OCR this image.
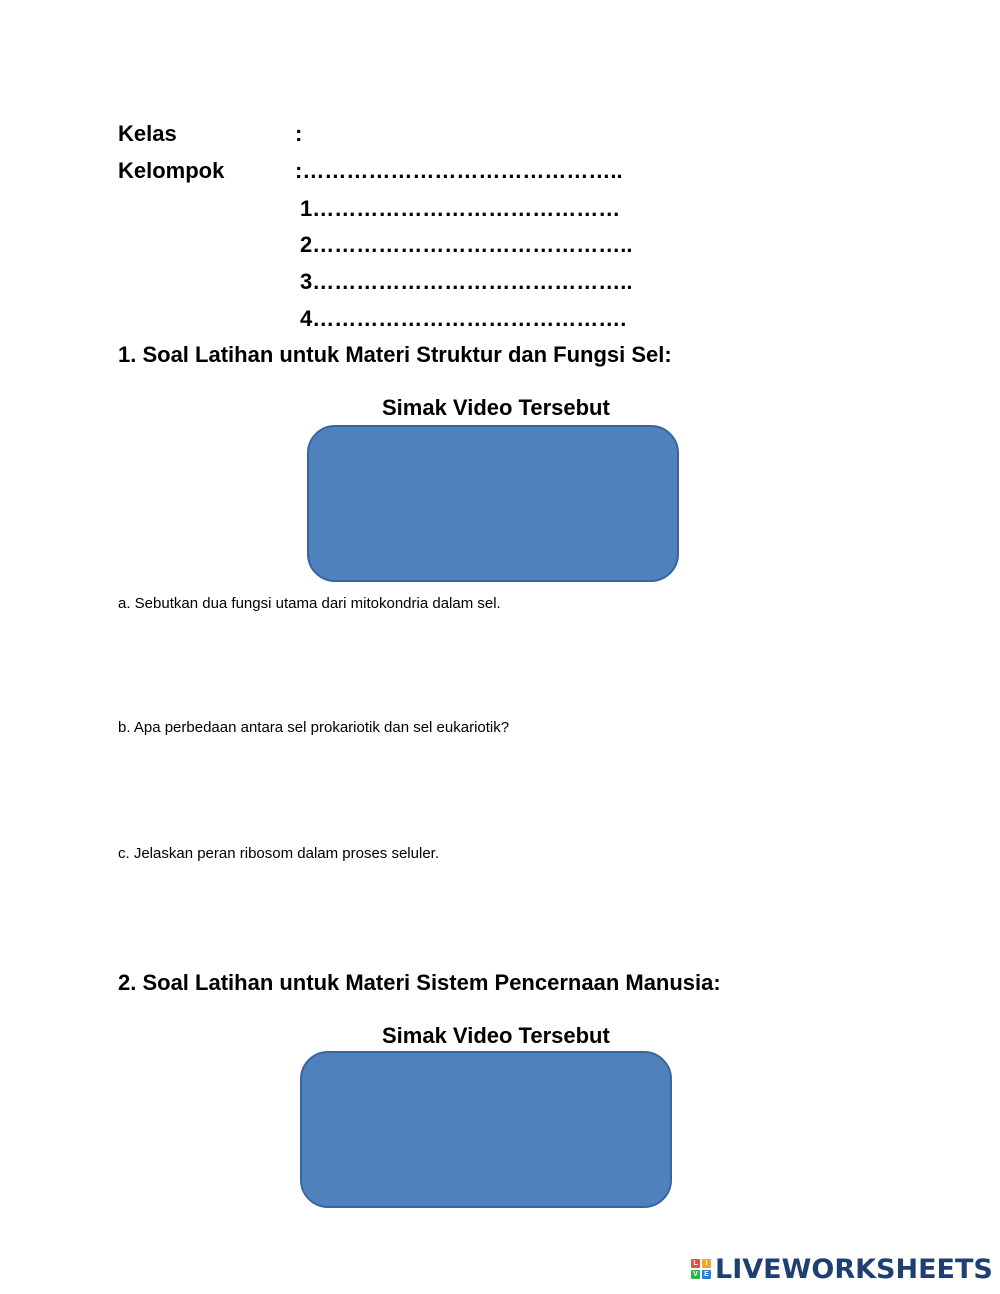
Kelas	:
Kelompok	:……………………………………..
1……………………………………
2……………………………………..
3……………………………………..
4…………………………………….
1. Soal Latihan untuk Materi Struktur dan Fungsi Sel:
Simak Video Tersebut
a. Sebutkan dua fungsi utama dari mitokondria dalam sel.
b. Apa perbedaan antara sel prokariotik dan sel eukariotik?
c. Jelaskan peran ribosom dalam proses seluler.
2. Soal Latihan untuk Materi Sistem Pencernaan Manusia:
Simak Video Tersebut
L	I
V E LIVEWORKSHEETS
